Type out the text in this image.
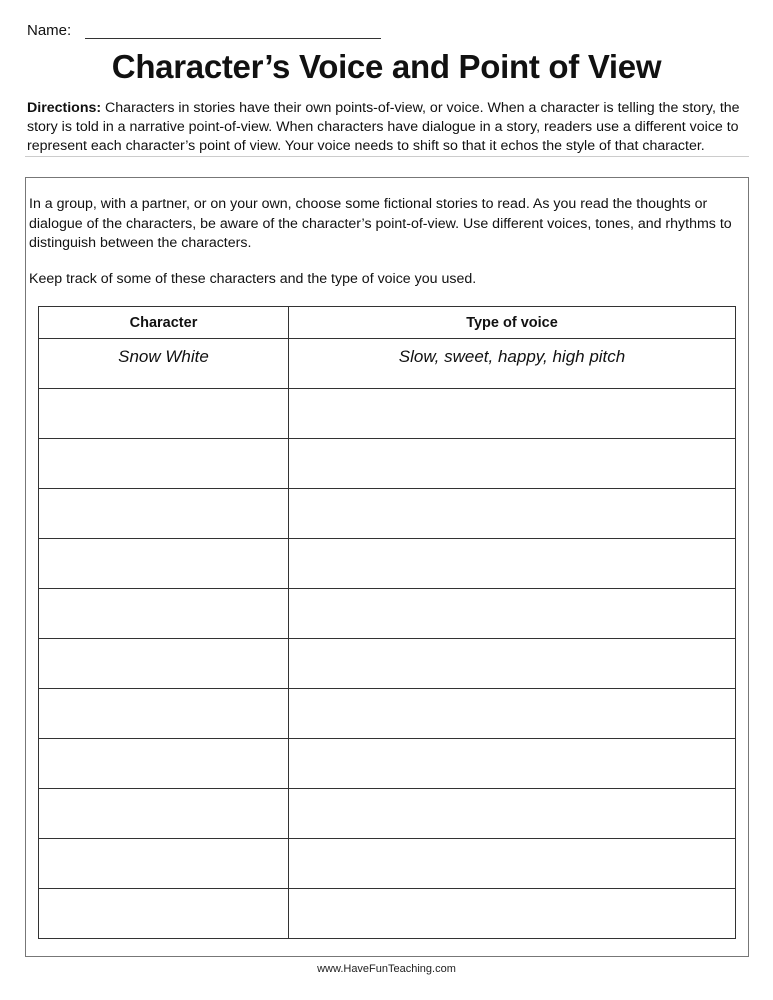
Name:
Character’s Voice and Point of View

Directions: Characters in stories have their own points-of-view, or voice. When a character is telling the story, the story is told in a narrative point-of-view. When characters have dialogue in a story, readers use a different voice to represent each character’s point of view. Your voice needs to shift so that it echos the style of that character.

In a group, with a partner, or on your own, choose some fictional stories to read. As you read the thoughts or dialogue of the characters, be aware of the character’s point-of-view. Use different voices, tones, and rhythms to distinguish between the characters.

Keep track of some of these characters and the type of voice you used.

Character	Type of voice
Snow White	Slow, sweet, happy, high pitch

www.HaveFunTeaching.com
